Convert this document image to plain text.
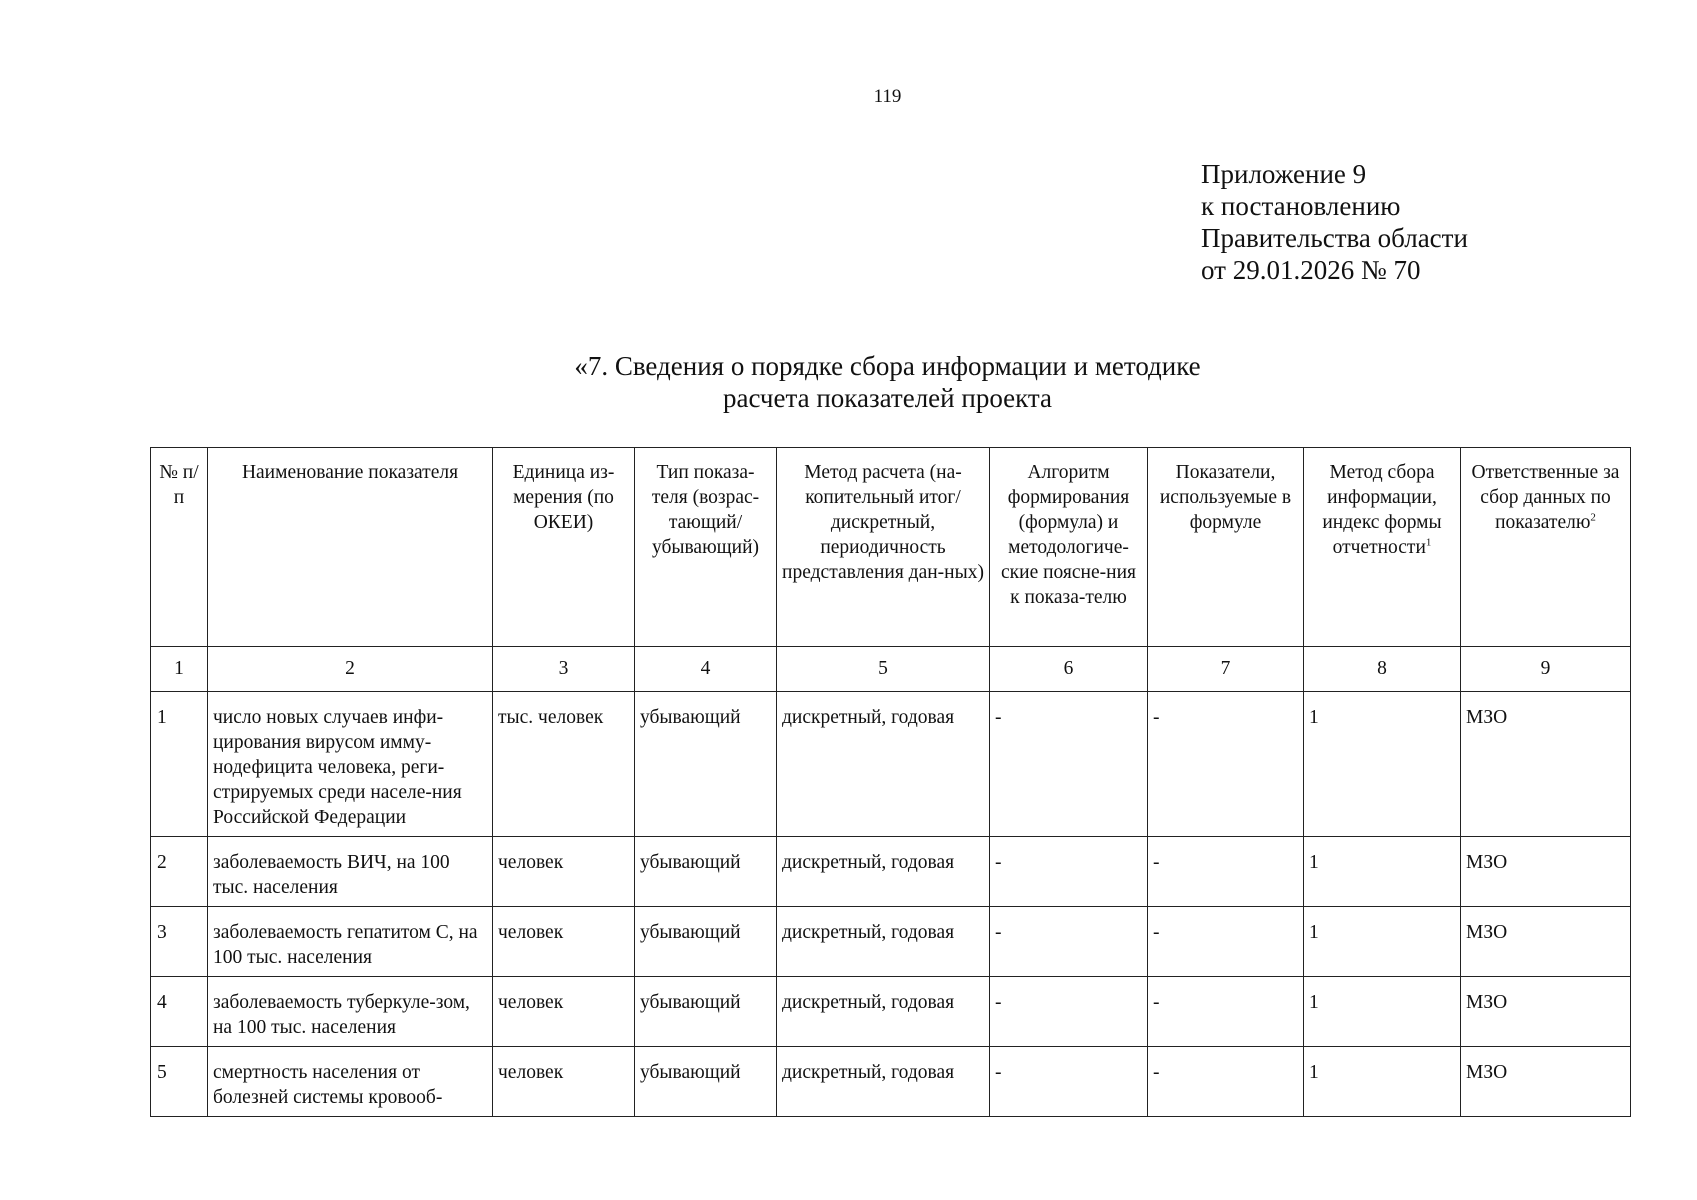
119
Приложение 9
к постановлению
Правительства области
от 29.01.2026 № 70
«7. Сведения о порядке сбора информации и методике
расчета показателей проекта
№ п/п	Наименование показателя	Единица из-мерения (по ОКЕИ)	Тип показа-теля (возрас-тающий/ убывающий)	Метод расчета (на-копительный итог/дискретный, периодичность представления дан-ных)	Алгоритм формирования (формула) и методологиче-ские поясне-ния к показа-телю	Показатели, используемые в формуле	Метод сбора информации, индекс формы отчетности$^1$	Ответственные за сбор данных по показателю$^2$
1	2	3	4	5	6	7	8	9
1	число новых случаев инфи-цирования вирусом имму-нодефицита человека, реги-стрируемых среди населе-ния Российской Федерации	тыс. человек	убывающий	дискретный, годовая	-	-	1	МЗО
2	заболеваемость ВИЧ, на 100 тыс. населения	человек	убывающий	дискретный, годовая	-	-	1	МЗО
3	заболеваемость гепатитом С, на 100 тыс. населения	человек	убывающий	дискретный, годовая	-	-	1	МЗО
4	заболеваемость туберкуле-зом, на 100 тыс. населения	человек	убывающий	дискретный, годовая	-	-	1	МЗО
5	смертность населения от болезней системы кровооб-	человек	убывающий	дискретный, годовая	-	-	1	МЗО
